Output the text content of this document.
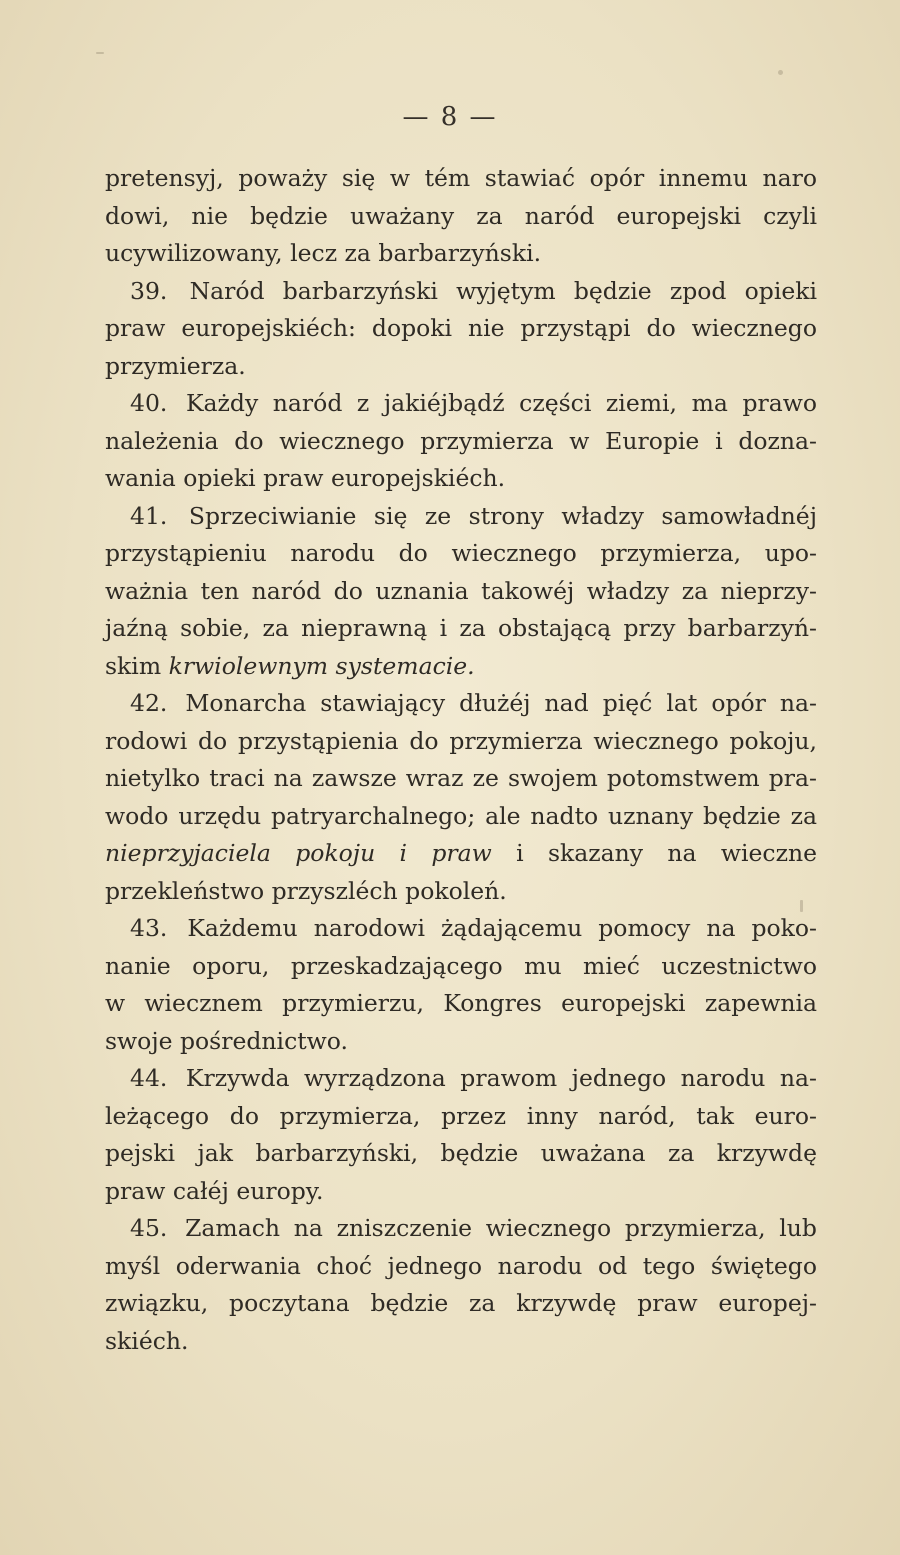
— 8 —
pretensyj, poważy się w tém stawiać opór innemu naro
dowi, nie będzie uważany za naród europejski czyli
ucywilizowany, lecz za barbarzyński.
39. Naród barbarzyński wyjętym będzie zpod opieki
praw europejskiéch: dopoki nie przystąpi do wiecznego
przymierza.
40. Każdy naród z jakiéjbądź części ziemi, ma prawo
należenia do wiecznego przymierza w Europie i dozna-
wania opieki praw europejskiéch.
41. Sprzeciwianie się ze strony władzy samowładnéj
przystąpieniu narodu do wiecznego przymierza, upo-
ważnia ten naród do uznania takowéj władzy za nieprzy-
jaźną sobie, za nieprawną i za obstającą przy barbarzyń-
skim krwiolewnym systemacie.
42. Monarcha stawiający dłużéj nad pięć lat opór na-
rodowi do przystąpienia do przymierza wiecznego pokoju,
nietylko traci na zawsze wraz ze swojem potomstwem pra-
wodo urzędu patryarchalnego; ale nadto uznany będzie za
nieprzyjaciela pokoju i praw i skazany na wieczne
przekleństwo przyszléch pokoleń.
43. Każdemu narodowi żądającemu pomocy na poko-
nanie oporu, przeskadzającego mu mieć uczestnictwo
w wiecznem przymierzu, Kongres europejski zapewnia
swoje pośrednictwo.
44. Krzywda wyrządzona prawom jednego narodu na-
leżącego do przymierza, przez inny naród, tak euro-
pejski jak barbarzyński, będzie uważana za krzywdę
praw całéj europy.
45. Zamach na zniszczenie wiecznego przymierza, lub
myśl oderwania choć jednego narodu od tego świętego
związku, poczytana będzie za krzywdę praw europej-
skiéch.
